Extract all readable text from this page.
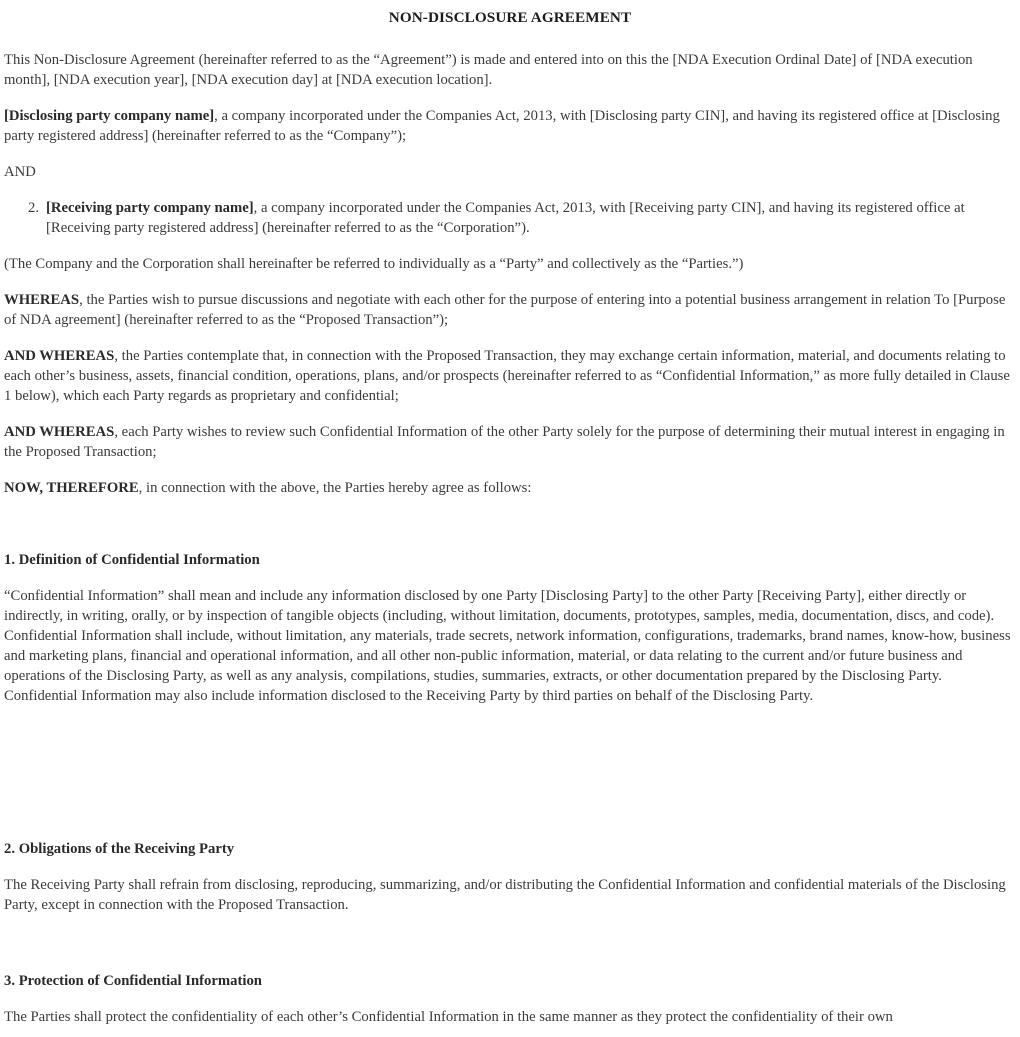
NON-DISCLOSURE AGREEMENT

This Non-Disclosure Agreement (hereinafter referred to as the “Agreement”) is made and entered into on this the [NDA Execution Ordinal Date] of [NDA execution month], [NDA execution year], [NDA execution day] at [NDA execution location].

[Disclosing party company name], a company incorporated under the Companies Act, 2013, with [Disclosing party CIN], and having its registered office at [Disclosing party registered address] (hereinafter referred to as the “Company”);

AND

2. [Receiving party company name], a company incorporated under the Companies Act, 2013, with [Receiving party CIN], and having its registered office at [Receiving party registered address] (hereinafter referred to as the “Corporation”).

(The Company and the Corporation shall hereinafter be referred to individually as a “Party” and collectively as the “Parties.”)

WHEREAS, the Parties wish to pursue discussions and negotiate with each other for the purpose of entering into a potential business arrangement in relation To [Purpose of NDA agreement] (hereinafter referred to as the “Proposed Transaction”);

AND WHEREAS, the Parties contemplate that, in connection with the Proposed Transaction, they may exchange certain information, material, and documents relating to each other’s business, assets, financial condition, operations, plans, and/or prospects (hereinafter referred to as “Confidential Information,” as more fully detailed in Clause 1 below), which each Party regards as proprietary and confidential;

AND WHEREAS, each Party wishes to review such Confidential Information of the other Party solely for the purpose of determining their mutual interest in engaging in the Proposed Transaction;

NOW, THEREFORE, in connection with the above, the Parties hereby agree as follows:

1. Definition of Confidential Information

“Confidential Information” shall mean and include any information disclosed by one Party [Disclosing Party] to the other Party [Receiving Party], either directly or indirectly, in writing, orally, or by inspection of tangible objects (including, without limitation, documents, prototypes, samples, media, documentation, discs, and code). Confidential Information shall include, without limitation, any materials, trade secrets, network information, configurations, trademarks, brand names, know-how, business and marketing plans, financial and operational information, and all other non-public information, material, or data relating to the current and/or future business and operations of the Disclosing Party, as well as any analysis, compilations, studies, summaries, extracts, or other documentation prepared by the Disclosing Party. Confidential Information may also include information disclosed to the Receiving Party by third parties on behalf of the Disclosing Party.

2. Obligations of the Receiving Party

The Receiving Party shall refrain from disclosing, reproducing, summarizing, and/or distributing the Confidential Information and confidential materials of the Disclosing Party, except in connection with the Proposed Transaction.

3. Protection of Confidential Information

The Parties shall protect the confidentiality of each other’s Confidential Information in the same manner as they protect the confidentiality of their own
